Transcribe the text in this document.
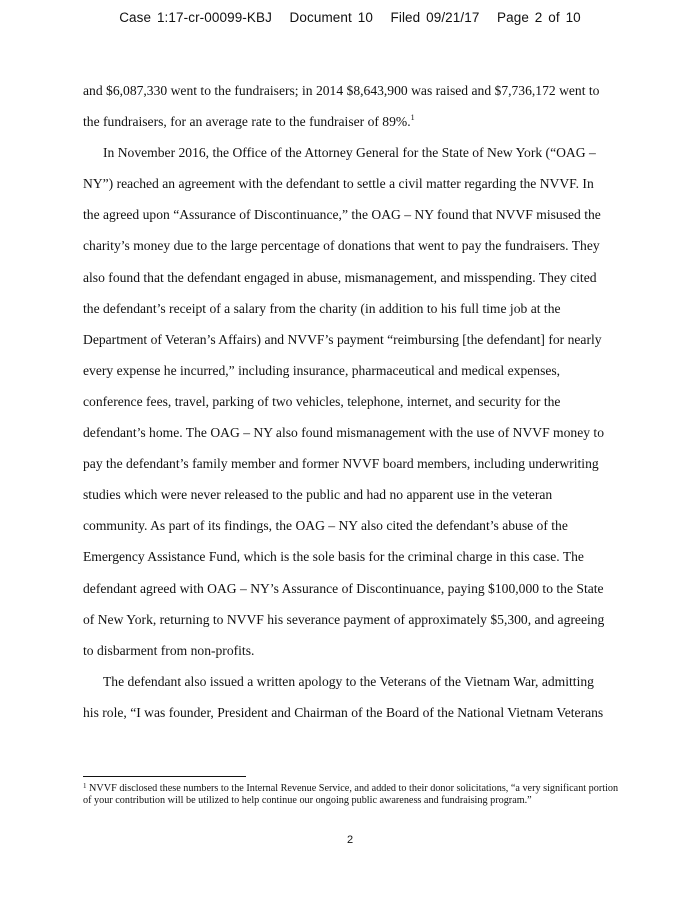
Case 1:17-cr-00099-KBJ Document 10 Filed 09/21/17 Page 2 of 10
and $6,087,330 went to the fundraisers; in 2014 $8,643,900 was raised and $7,736,172 went to
the fundraisers, for an average rate to the fundraiser of 89%.$^1$
In November 2016, the Office of the Attorney General for the State of New York (“OAG –
NY”) reached an agreement with the defendant to settle a civil matter regarding the NVVF. In
the agreed upon “Assurance of Discontinuance,” the OAG – NY found that NVVF misused the
charity’s money due to the large percentage of donations that went to pay the fundraisers. They
also found that the defendant engaged in abuse, mismanagement, and misspending. They cited
the defendant’s receipt of a salary from the charity (in addition to his full time job at the
Department of Veteran’s Affairs) and NVVF’s payment “reimbursing [the defendant] for nearly
every expense he incurred,” including insurance, pharmaceutical and medical expenses,
conference fees, travel, parking of two vehicles, telephone, internet, and security for the
defendant’s home. The OAG – NY also found mismanagement with the use of NVVF money to
pay the defendant’s family member and former NVVF board members, including underwriting
studies which were never released to the public and had no apparent use in the veteran
community. As part of its findings, the OAG – NY also cited the defendant’s abuse of the
Emergency Assistance Fund, which is the sole basis for the criminal charge in this case. The
defendant agreed with OAG – NY’s Assurance of Discontinuance, paying $100,000 to the State
of New York, returning to NVVF his severance payment of approximately $5,300, and agreeing
to disbarment from non-profits.
The defendant also issued a written apology to the Veterans of the Vietnam War, admitting
his role, “I was founder, President and Chairman of the Board of the National Vietnam Veterans
$^1$ NVVF disclosed these numbers to the Internal Revenue Service, and added to their donor solicitations, “a very significant portion of your contribution will be utilized to help continue our ongoing public awareness and fundraising program.”
2
